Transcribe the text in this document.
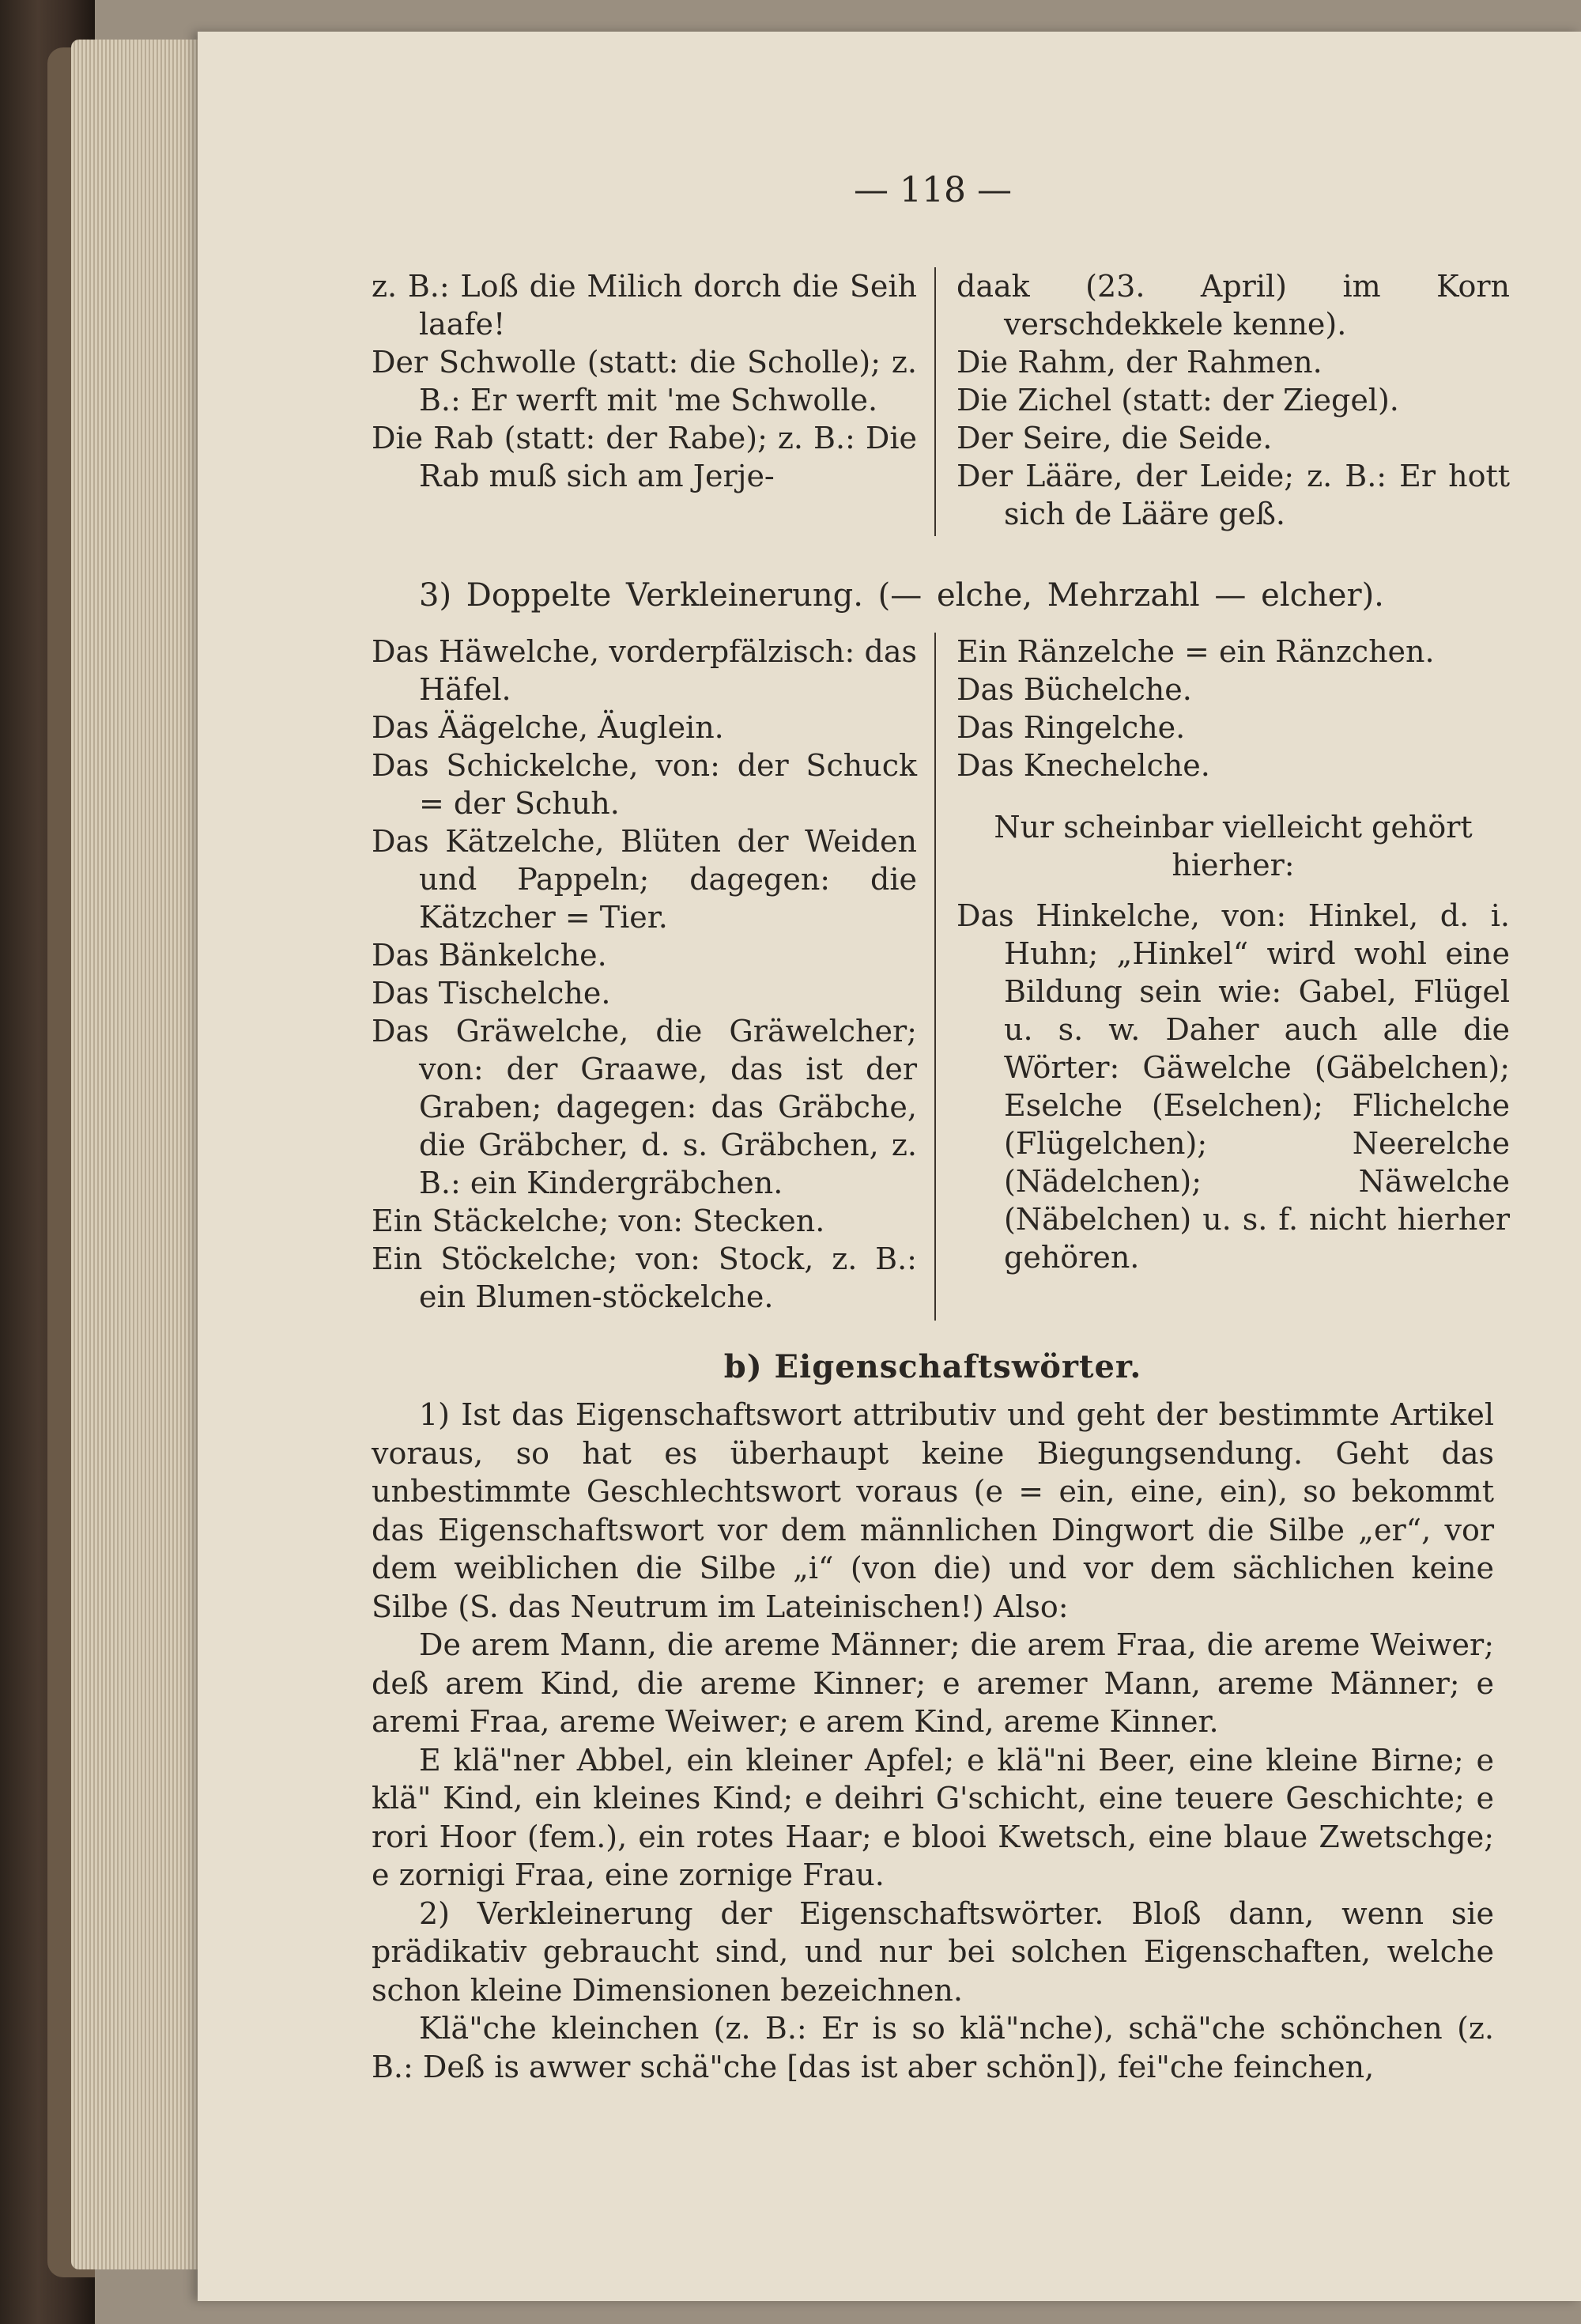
— 118 —

z. B.: Loß die Milich dorch die Seih laafe!

Der Schwolle (statt: die Scholle); z. B.: Er werft mit 'me Schwolle.

Die Rab (statt: der Rabe); z. B.: Die Rab muß sich am Jerje-

daak (23. April) im Korn verschdekkele kenne).

Die Rahm, der Rahmen.

Die Zichel (statt: der Ziegel).

Der Seire, die Seide.

Der Lääre, der Leide; z. B.: Er hott sich de Lääre geß.

3) Doppelte Verkleinerung. (— elche, Mehrzahl — elcher).

Das Häwelche, vorderpfälzisch: das Häfel.

Das Äägelche, Äuglein.

Das Schickelche, von: der Schuck = der Schuh.

Das Kätzelche, Blüten der Weiden und Pappeln; dagegen: die Kätzcher = Tier.

Das Bänkelche.

Das Tischelche.

Das Gräwelche, die Gräwelcher; von: der Graawe, das ist der Graben; dagegen: das Gräbche, die Gräbcher, d. s. Gräbchen, z. B.: ein Kindergräbchen.

Ein Stäckelche; von: Stecken.

Ein Stöckelche; von: Stock, z. B.: ein Blumen-stöckelche.

Ein Ränzelche = ein Ränzchen.

Das Büchelche.

Das Ringelche.

Das Knechelche.

Nur scheinbar vielleicht gehört hierher:

Das Hinkelche, von: Hinkel, d. i. Huhn; „Hinkel“ wird wohl eine Bildung sein wie: Gabel, Flügel u. s. w. Daher auch alle die Wörter: Gäwelche (Gäbelchen); Eselche (Eselchen); Flichelche (Flügelchen); Neerelche (Nädelchen); Näwelche (Näbelchen) u. s. f. nicht hierher gehören.

b) Eigenschaftswörter.

1) Ist das Eigenschaftswort attributiv und geht der bestimmte Artikel voraus, so hat es überhaupt keine Biegungsendung. Geht das unbestimmte Geschlechtswort voraus (e = ein, eine, ein), so bekommt das Eigenschaftswort vor dem männlichen Dingwort die Silbe „er“, vor dem weiblichen die Silbe „i“ (von die) und vor dem sächlichen keine Silbe (S. das Neutrum im Lateinischen!) Also:

De arem Mann, die areme Männer; die arem Fraa, die areme Weiwer; deß arem Kind, die areme Kinner; e aremer Mann, areme Männer; e aremi Fraa, areme Weiwer; e arem Kind, areme Kinner.

E klä"ner Abbel, ein kleiner Apfel; e klä"ni Beer, eine kleine Birne; e klä" Kind, ein kleines Kind; e deihri G'schicht, eine teuere Geschichte; e rori Hoor (fem.), ein rotes Haar; e blooi Kwetsch, eine blaue Zwetschge; e zornigi Fraa, eine zornige Frau.

2) Verkleinerung der Eigenschaftswörter. Bloß dann, wenn sie prädikativ gebraucht sind, und nur bei solchen Eigenschaften, welche schon kleine Dimensionen bezeichnen.

Klä"che kleinchen (z. B.: Er is so klä"nche), schä"che schönchen (z. B.: Deß is awwer schä"che [das ist aber schön]), fei"che feinchen,
